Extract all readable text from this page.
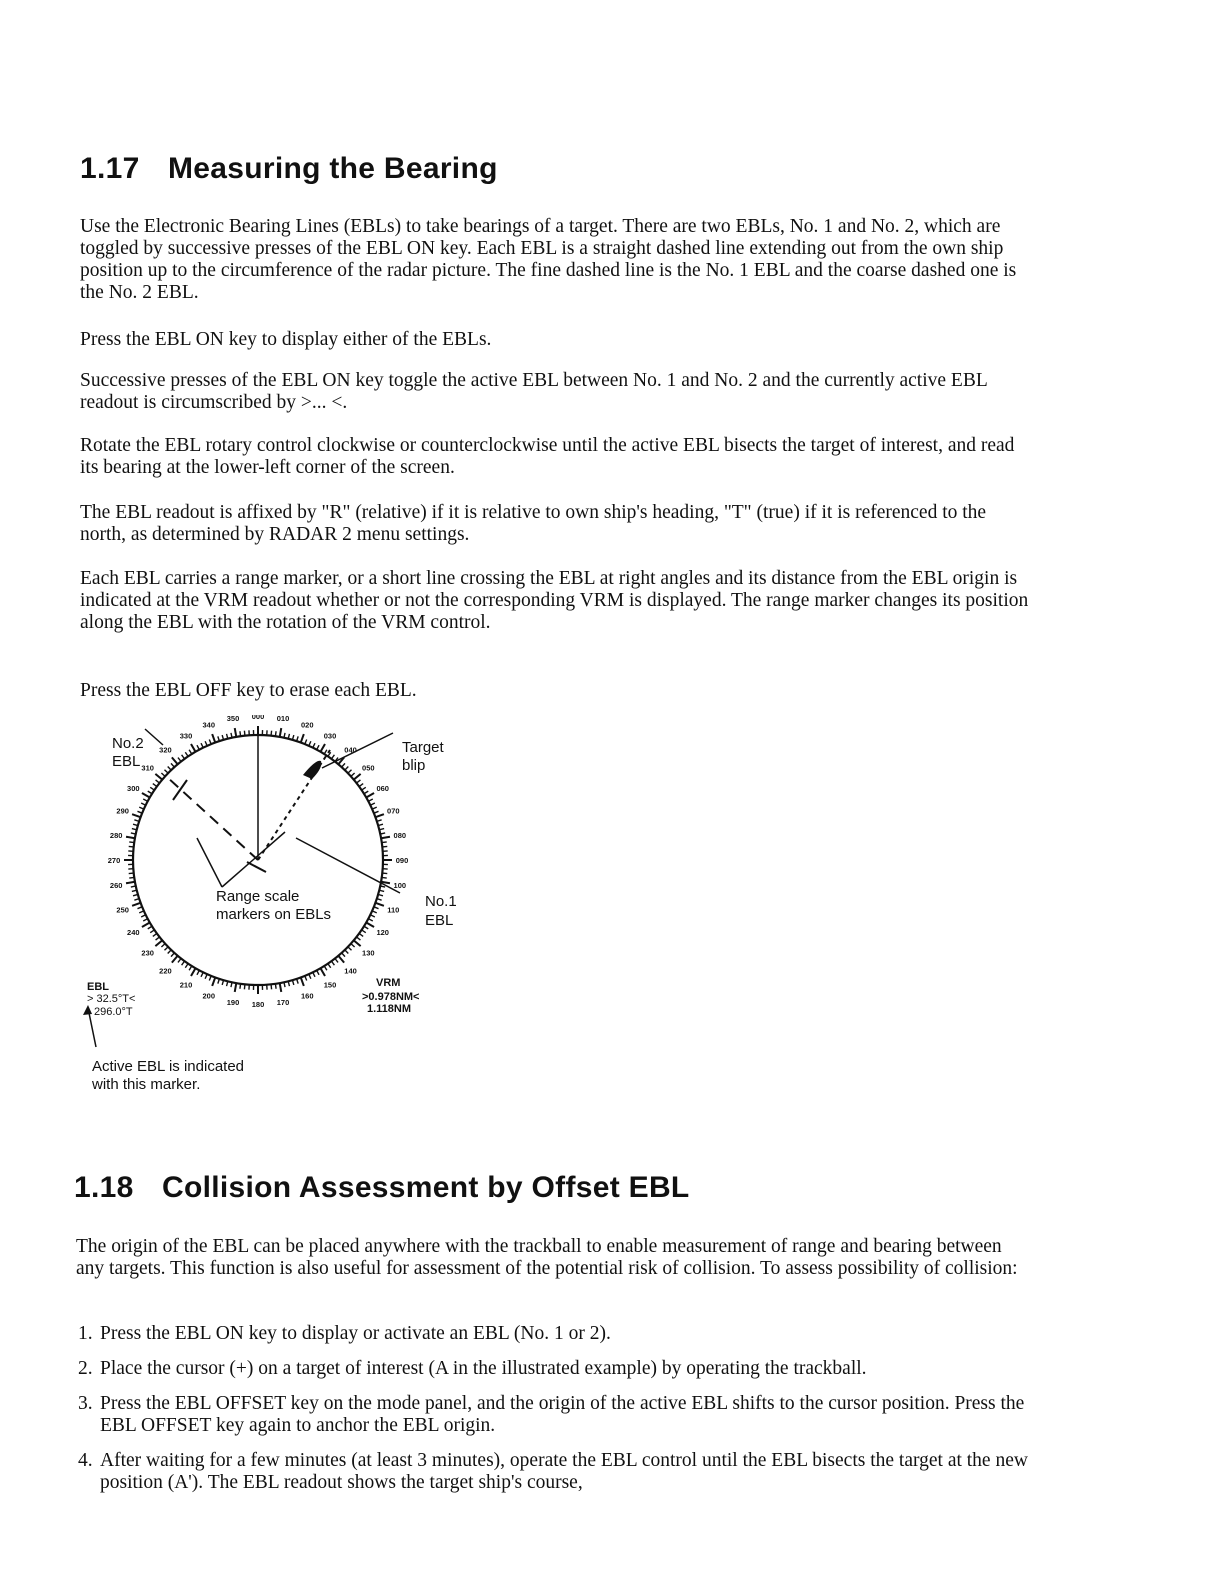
1.17 Measuring the Bearing

Use the Electronic Bearing Lines (EBLs) to take bearings of a target. There are two EBLs, No. 1 and No. 2, which are toggled by successive presses of the EBL ON key. Each EBL is a straight dashed line extending out from the own ship position up to the circumference of the radar picture. The fine dashed line is the No. 1 EBL and the coarse dashed one is the No. 2 EBL.

Press the EBL ON key to display either of the EBLs.

Successive presses of the EBL ON key toggle the active EBL between No. 1 and No. 2 and the currently active EBL readout is circumscribed by >... <.

Rotate the EBL rotary control clockwise or counterclockwise until the active EBL bisects the target of interest, and read its bearing at the lower-left corner of the screen.

The EBL readout is affixed by "R" (relative) if it is relative to own ship's heading, "T" (true) if it is referenced to the north, as determined by RADAR 2 menu settings.

Each EBL carries a range marker, or a short line crossing the EBL at right angles and its distance from the EBL origin is indicated at the VRM readout whether or not the corresponding VRM is displayed. The range marker changes its position along the EBL with the rotation of the VRM control.

Press the EBL OFF key to erase each EBL.

000 010
020
030
040
050
060
070
080
090
100
110
120
130
140
150
160
170
180
190
200
210
220
230
240
250
260
270
280
290
300
310
320
330
340
350
No.2 EBL
Target blip
No.1 EBL
Range scale markers on EBLs
EBL
> 32.5°T<
296.0°T
VRM
>0.978NM<
1.118NM
Active EBL is indicated with this marker.
1.18 Collision Assessment by Offset EBL

The origin of the EBL can be placed anywhere with the trackball to enable measurement of range and bearing between any targets. This function is also useful for assessment of the potential risk of collision. To assess possibility of collision:

1. Press the EBL ON key to display or activate an EBL (No. 1 or 2).
2. Place the cursor (+) on a target of interest (A in the illustrated example) by operating the trackball.
3. Press the EBL OFFSET key on the mode panel, and the origin of the active EBL shifts to the cursor position. Press the EBL OFFSET key again to anchor the EBL origin.
4. After waiting for a few minutes (at least 3 minutes), operate the EBL control until the EBL bisects the target at the new position (A'). The EBL readout shows the target ship's course,
